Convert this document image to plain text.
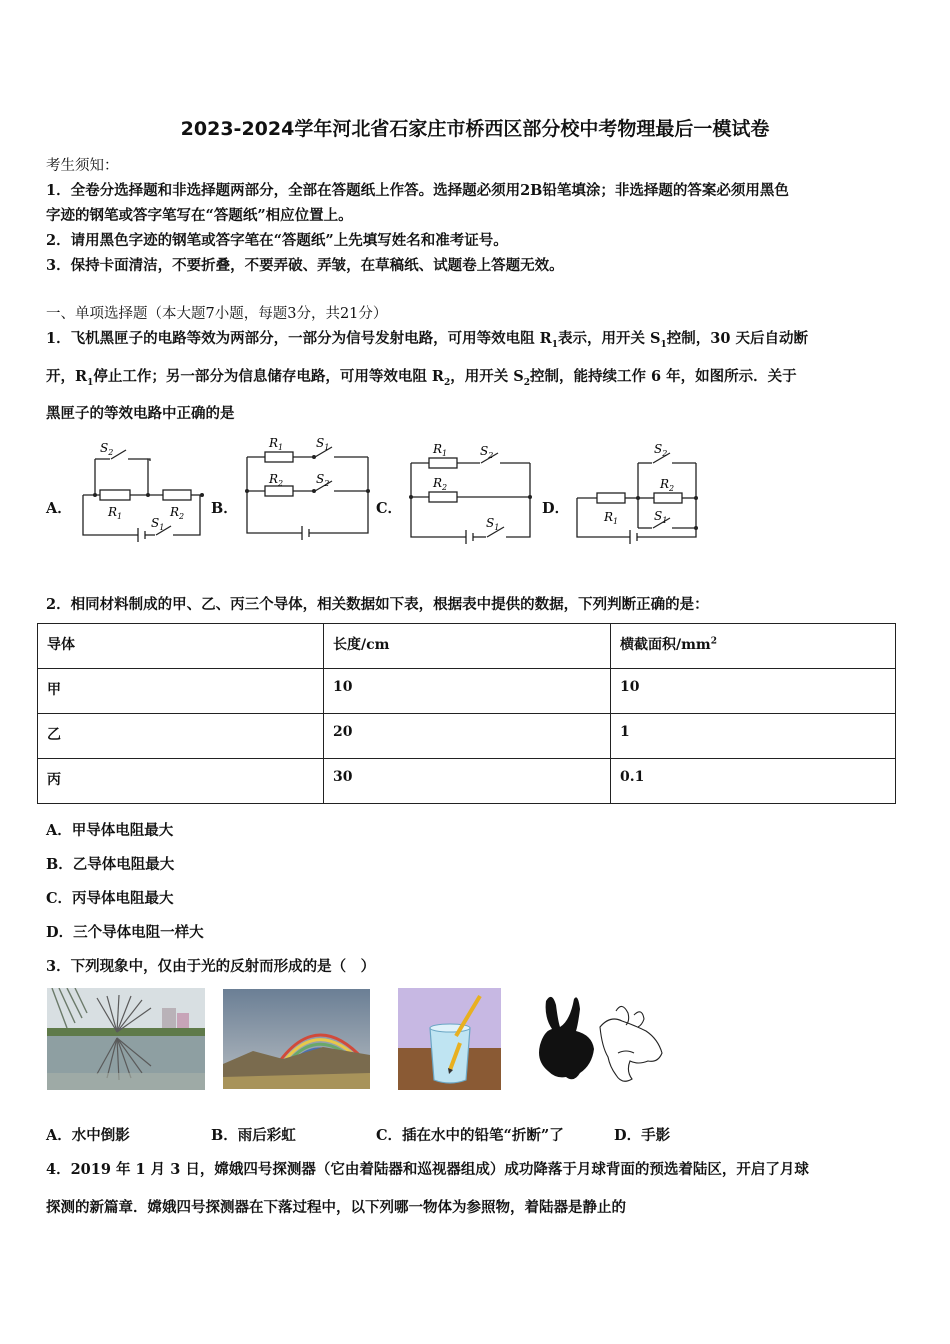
2023-2024学年河北省石家庄市桥西区部分校中考物理最后一模试卷
考生须知：
1．全卷分选择题和非选择题两部分，全部在答题纸上作答。选择题必须用2B铅笔填涂；非选择题的答案必须用黑色
字迹的钢笔或答字笔写在“答题纸”相应位置上。
2．请用黑色字迹的钢笔或答字笔在“答题纸”上先填写姓名和准考证号。
3．保持卡面清洁，不要折叠，不要弄破、弄皱，在草稿纸、试题卷上答题无效。
一、单项选择题（本大题7小题，每题3分，共21分）
1．飞机黑匣子的电路等效为两部分，一部分为信号发射电路，可用等效电阻 $R_1$表示，用开关 $S_1$控制，30 天后自动断
开，$R_1$停止工作；另一部分为信息储存电路，可用等效电阻 $R_2$，用开关 $S_2$控制，能持续工作 6 年，如图所示．关于
黑匣子的等效电路中正确的是
A．	B．	C．	D．
$S_2$
$R_1$	$R_2$
$S_1$
$R_1$	$S_1$
$R_2$	$S_2$
$R_1$	$S_2$
$R_2$
$S_1$
$S_2$
$R_2$
$R_1$	$S_1$
2．相同材料制成的甲、乙、丙三个导体，相关数据如下表，根据表中提供的数据，下列判断正确的是：
导体	长度/cm	横截面积$/mm^2$
甲	10	10
乙	20	1
丙	30	0.1
A．甲导体电阻最大
B．乙导体电阻最大
C．丙导体电阻最大
D．三个导体电阻一样大
3．下列现象中，仅由于光的反射而形成的是（　）
A．水中倒影	B．雨后彩虹	C．插在水中的铅笔“折断”了	D．手影
4．2019 年 1 月 3 日，嫦娥四号探测器（它由着陆器和巡视器组成）成功降落于月球背面的预选着陆区，开启了月球
探测的新篇章．嫦娥四号探测器在下落过程中，以下列哪一物体为参照物，着陆器是静止的
